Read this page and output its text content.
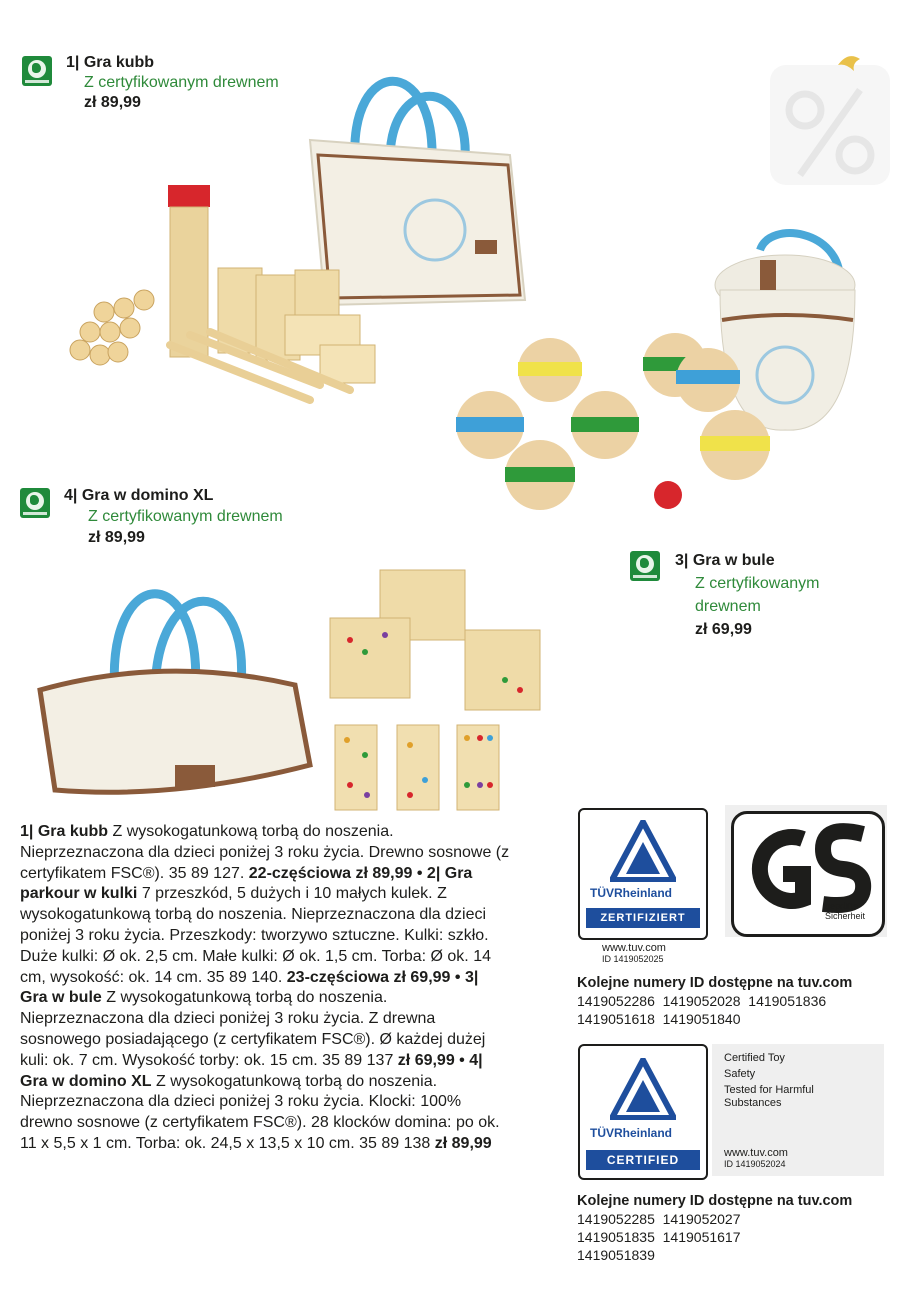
1| Gra kubb
Z certyfikowanym drewnem
zł 89,99
4| Gra w domino XL
Z certyfikowanym drewnem
zł 89,99
3| Gra w bule
Z certyfikowanym
drewnem
zł 69,99
1| Gra kubb Z wysokogatunkową torbą do noszenia. Nieprzeznaczona dla dzieci poniżej 3 roku życia. Drewno sosnowe (z certyfikatem FSC®). 35 89 127. 22-częściowa zł 89,99 • 2| Gra parkour w kulki 7 przeszkód, 5 dużych i 10 małych kulek. Z wysokogatunkową torbą do noszenia. Nieprzeznaczona dla dzieci poniżej 3 roku życia. Przeszkody: tworzywo sztuczne. Kulki: szkło. Duże kulki: Ø ok. 2,5 cm. Małe kulki: Ø ok. 1,5 cm. Torba: Ø ok. 14 cm, wysokość: ok. 14 cm. 35 89 140. 23-częściowa zł 69,99 • 3| Gra w bule Z wysokogatunkową torbą do noszenia. Nieprzeznaczona dla dzieci poniżej 3 roku życia. Z drewna sosnowego posiadającego (z certyfikatem FSC®). Ø każdej dużej kuli: ok. 7 cm. Wysokość torby: ok. 15 cm. 35 89 137 zł 69,99 • 4| Gra w domino XL Z wysokogatunkową torbą do noszenia. Nieprzeznaczona dla dzieci poniżej 3 roku życia. Klocki: 100% drewno sosnowe (z certyfikatem FSC®). 28 klocków domina: po ok. 11 x 5,5 x 1 cm. Torba: ok. 24,5 x 13,5 x 10 cm. 35 89 138 zł 89,99
TÜVRheinland
ZERTIFIZIERT
geprüfte
Sicherheit
www.tuv.com
ID 1419052025
Kolejne numery ID dostępne na tuv.com
1419052286  1419052028  1419051836
1419051618  1419051840
TÜVRheinland
CERTIFIED
Certified Toy
Safety
Tested for Harmful
Substances
www.tuv.com
ID 1419052024
Kolejne numery ID dostępne na tuv.com
1419052285  1419052027
1419051835  1419051617
1419051839
